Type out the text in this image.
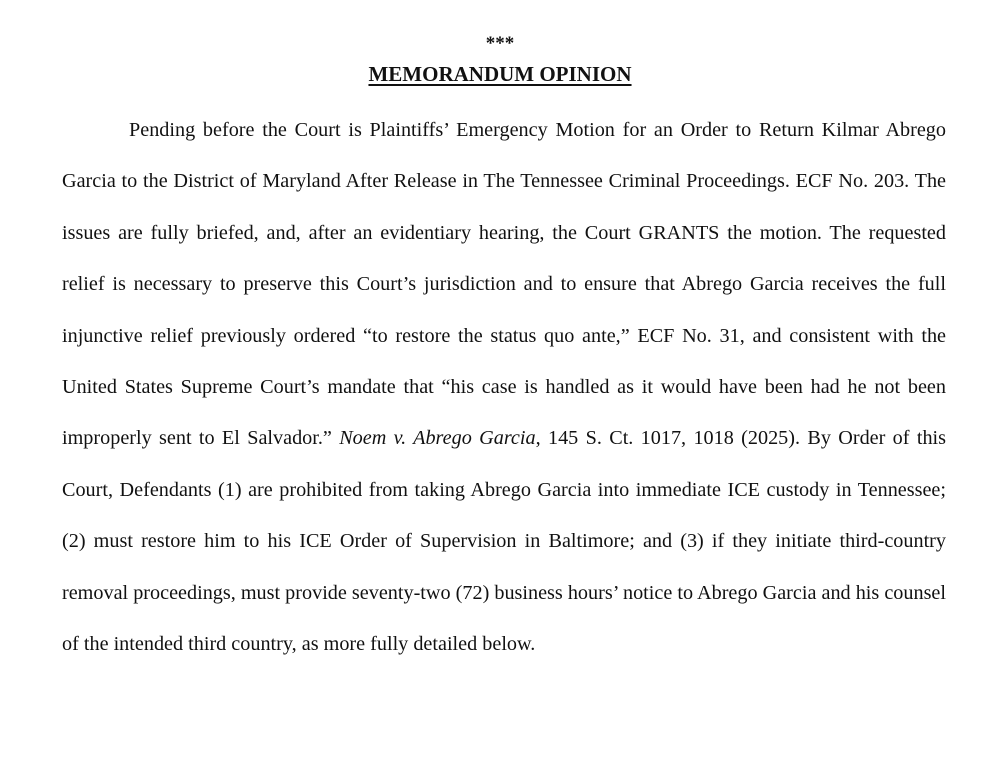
***
MEMORANDUM OPINION

Pending before the Court is Plaintiffs’ Emergency Motion for an Order to Return Kilmar Abrego Garcia to the District of Maryland After Release in The Tennessee Criminal Proceedings. ECF No. 203. The issues are fully briefed, and, after an evidentiary hearing, the Court GRANTS the motion. The requested relief is necessary to preserve this Court’s jurisdiction and to ensure that Abrego Garcia receives the full injunctive relief previously ordered “to restore the status quo ante,” ECF No. 31, and consistent with the United States Supreme Court’s mandate that “his case is handled as it would have been had he not been improperly sent to El Salvador.” Noem v. Abrego Garcia, 145 S. Ct. 1017, 1018 (2025). By Order of this Court, Defendants (1) are prohibited from taking Abrego Garcia into immediate ICE custody in Tennessee; (2) must restore him to his ICE Order of Supervision in Baltimore; and (3) if they initiate third-country removal proceedings, must provide seventy-two (72) business hours’ notice to Abrego Garcia and his counsel of the intended third country, as more fully detailed below.
